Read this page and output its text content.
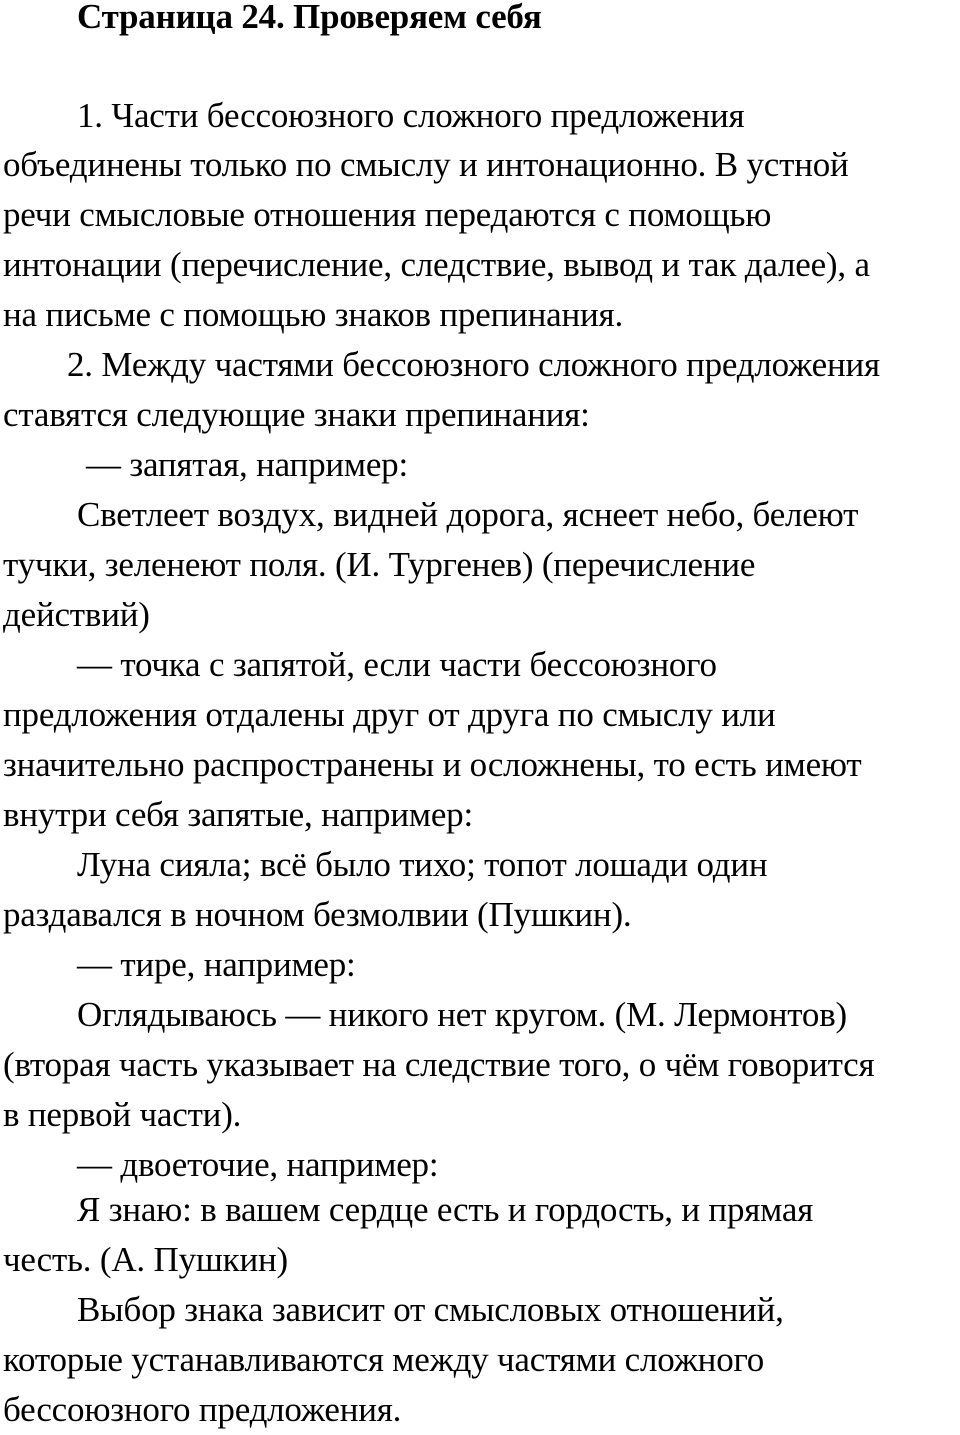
Страница 24. Проверяем себя
1. Части бессоюзного сложного предложения
объединены только по смыслу и интонационно. В устной
речи смысловые отношения передаются с помощью
интонации (перечисление, следствие, вывод и так далее), а
на письме с помощью знаков препинания.
2. Между частями бессоюзного сложного предложения
ставятся следующие знаки препинания:
— запятая, например:
Светлеет воздух, видней дорога, яснеет небо, белеют
тучки, зеленеют поля. (И. Тургенев) (перечисление
действий)
— точка с запятой, если части бессоюзного
предложения отдалены друг от друга по смыслу или
значительно распространены и осложнены, то есть имеют
внутри себя запятые, например:
Луна сияла; всё было тихо; топот лошади один
раздавался в ночном безмолвии (Пушкин).
— тире, например:
Оглядываюсь — никого нет кругом. (М. Лермонтов)
(вторая часть указывает на следствие того, о чём говорится
в первой части).
— двоеточие, например:
Я знаю: в вашем сердце есть и гордость, и прямая
честь. (А. Пушкин)
Выбор знака зависит от смысловых отношений,
которые устанавливаются между частями сложного
бессоюзного предложения.
